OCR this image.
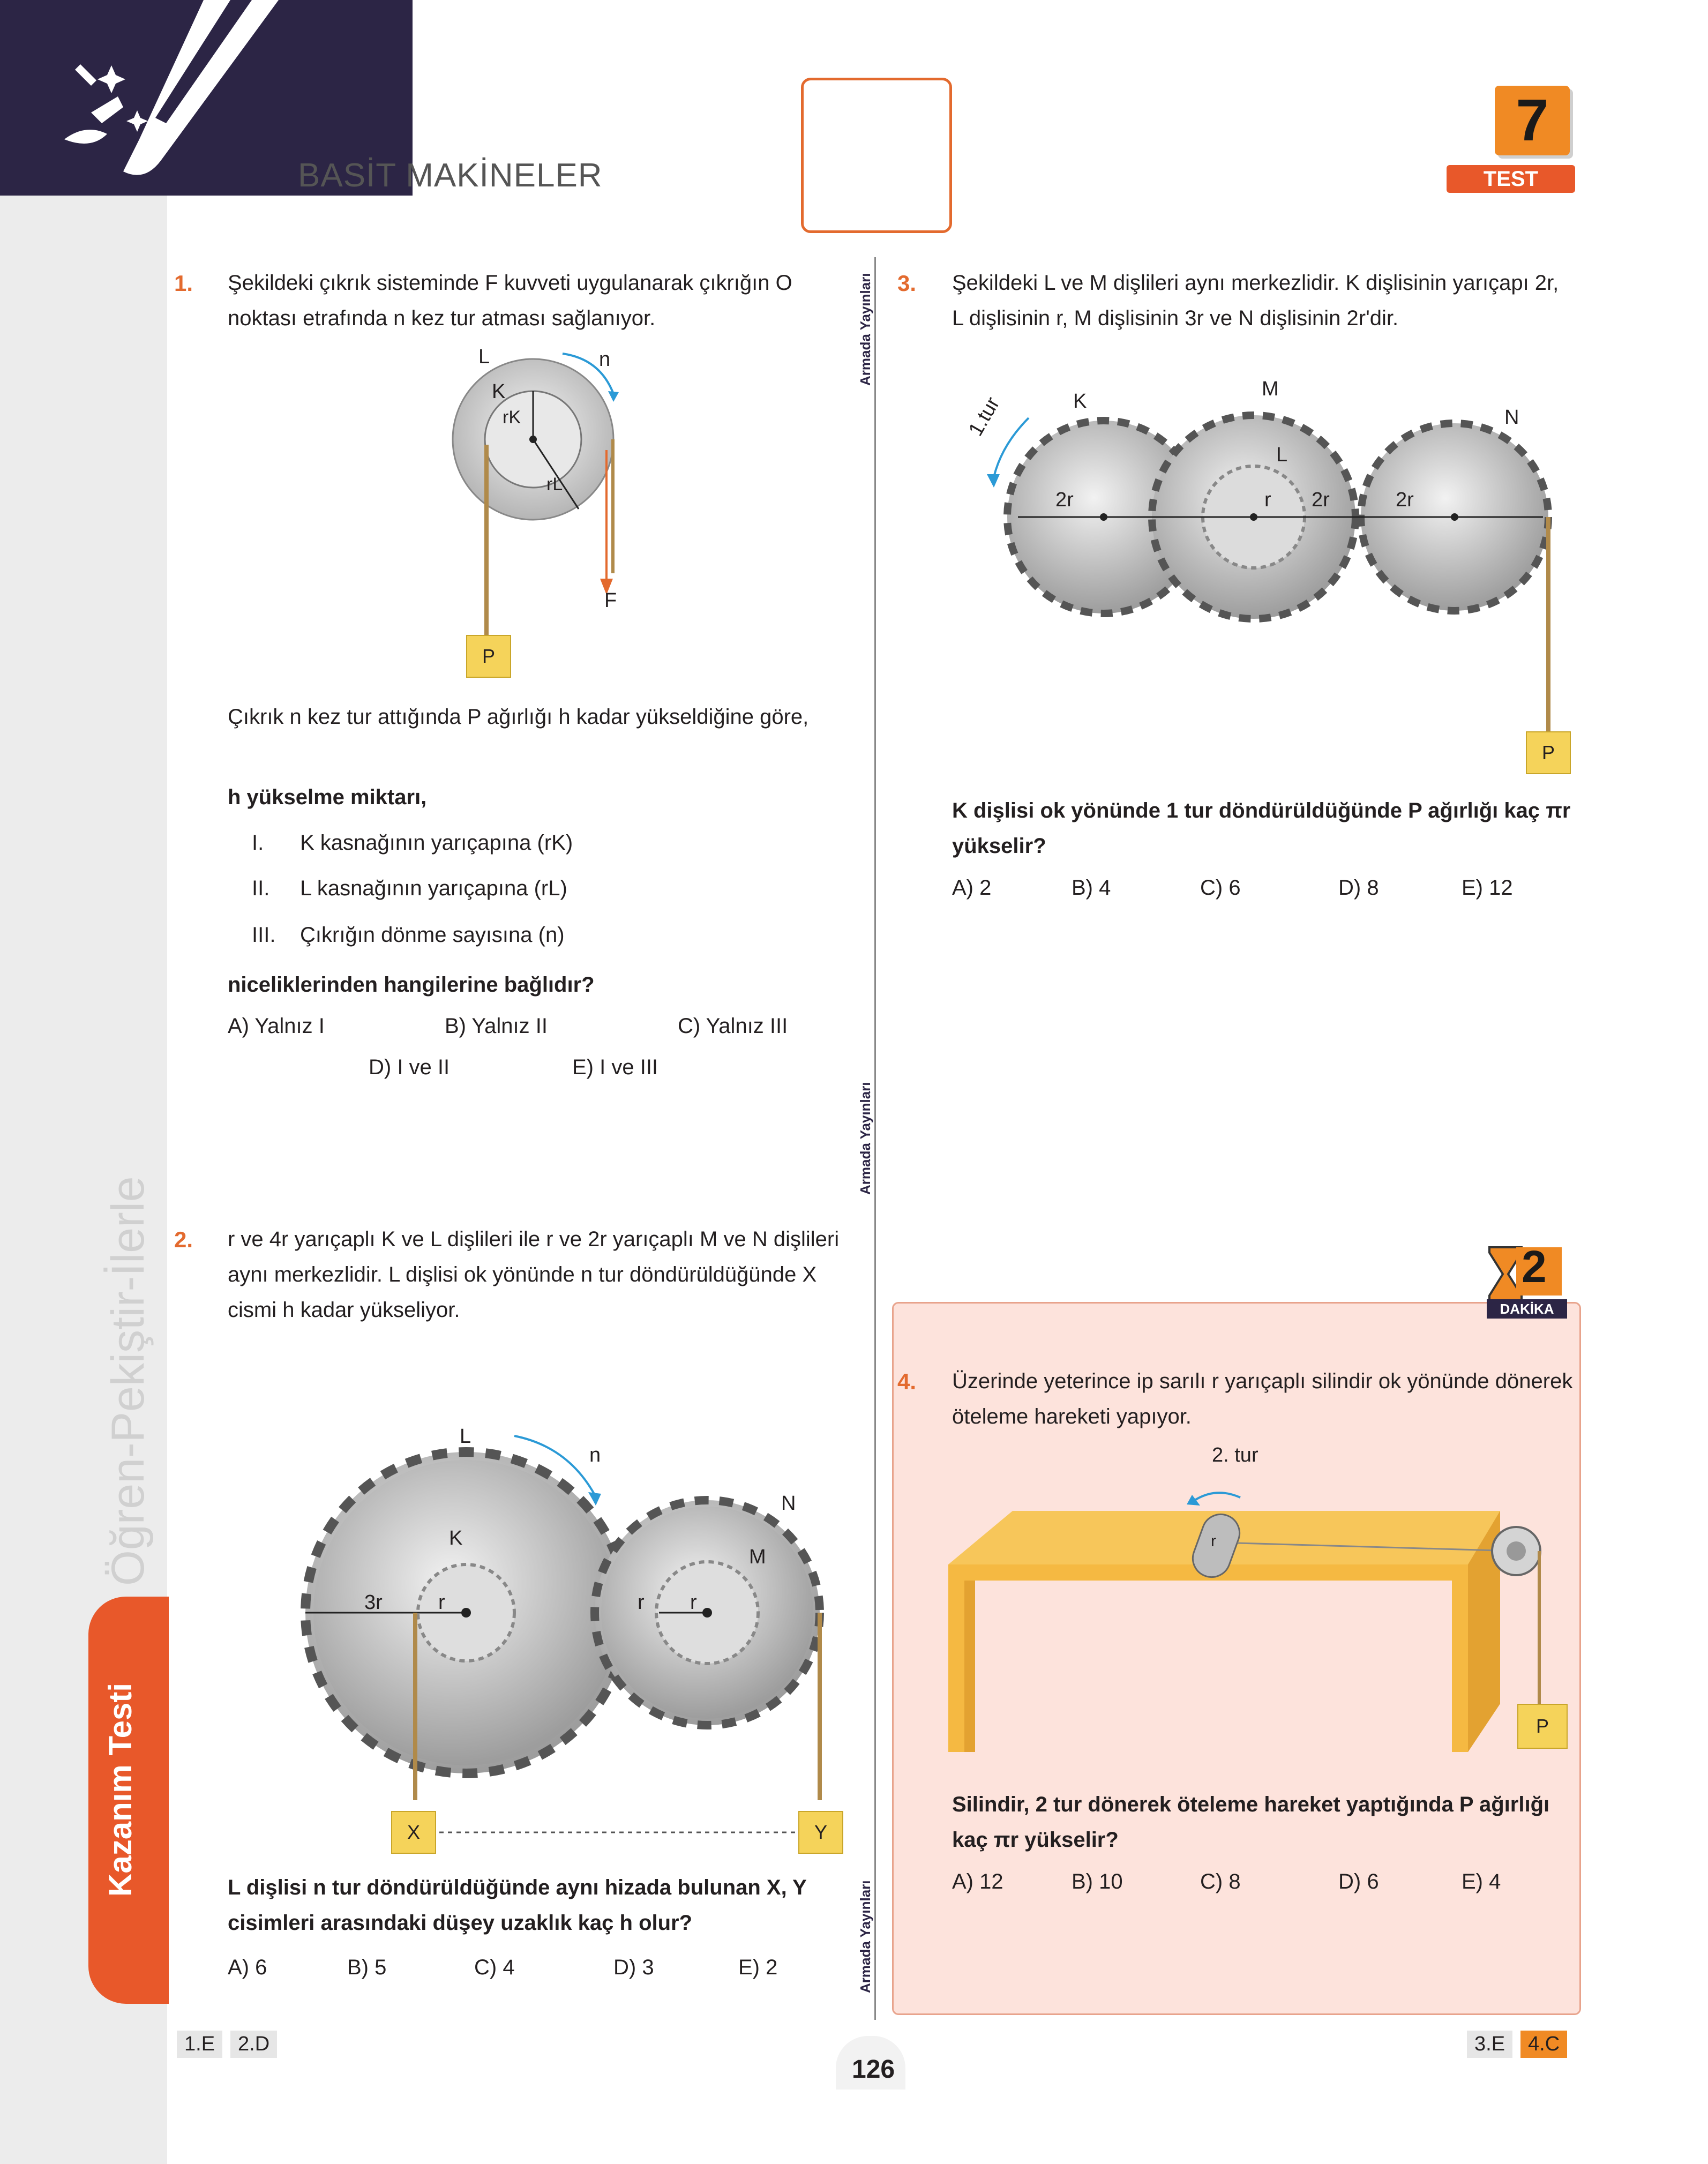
BASİT MAKİNELER
7
TEST
Öğren-Pekiştir-İlerle
Kazanım Testi
Armada Yayınları
Armada Yayınları
Armada Yayınları
1. Şekildeki çıkrık sisteminde F kuvveti uygulanarak çıkrığın O noktası etrafında n kez tur atması sağlanıyor.
L	n
K
rK
rL
F
P
Çıkrık n kez tur attığında P ağırlığı h kadar yükseldiğine göre,
h yükselme miktarı,
I. K kasnağının yarıçapına (rK)
II. L kasnağının yarıçapına (rL)
III. Çıkrığın dönme sayısına (n)
niceliklerinden hangilerine bağlıdır?
A) Yalnız I	B) Yalnız II	C) Yalnız III
D) I ve II	E) I ve III
2. r ve 4r yarıçaplı K ve L dişlileri ile r ve 2r yarıçaplı M ve N dişlileri aynı merkezlidir. L dişlisi ok yönünde n tur döndürüldüğünde X cismi h kadar yükseliyor.
L
n
N
K
M
3r	r	r r
X	Y
L dişlisi n tur döndürüldüğünde aynı hizada bulunan X, Y cisimleri arasındaki düşey uzaklık kaç h olur?
A) 6	B) 5	C) 4	D) 3	E) 2
3. Şekildeki L ve M dişlileri aynı merkezlidir. K dişlisinin yarıçapı 2r, L dişlisinin r, M dişlisinin 3r ve N dişlisinin 2r'dir.
1.tur	K
M
N
L
2r	r 2r	2r
P
K dişlisi ok yönünde 1 tur döndürüldüğünde P ağırlığı kaç πr yükselir?
A) 2	B) 4	C) 6	D) 8	E) 12
2
DAKİKA
4. Üzerinde yeterince ip sarılı r yarıçaplı silindir ok yönünde dönerek öteleme hareketi yapıyor.
2. tur
r
P
Silindir, 2 tur dönerek öteleme hareket yaptığında P ağırlığı kaç πr yükselir?
A) 12	B) 10	C) 8	D) 6	E) 4
1.E	2.D	3.E	4.C
126
